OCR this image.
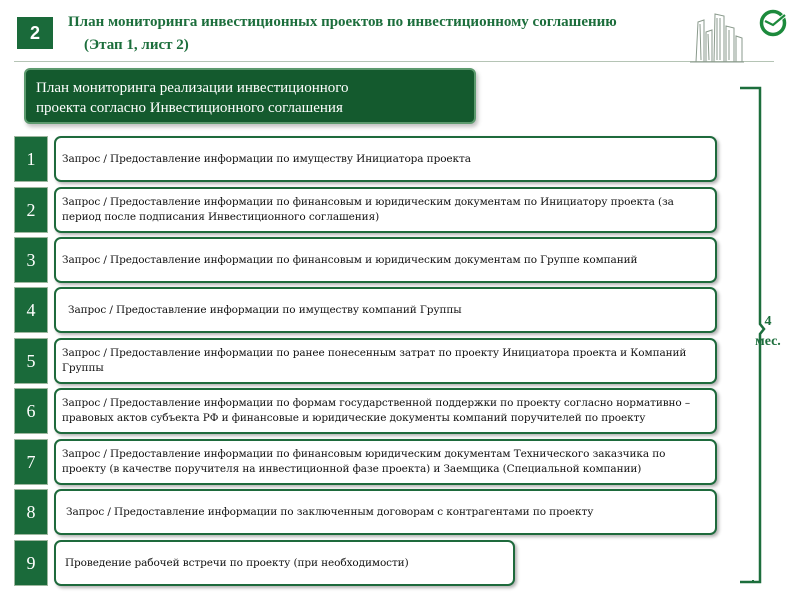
2
План мониторинга инвестиционных проектов по инвестиционному соглашению
(Этап 1, лист 2)
План мониторинга реализации инвестиционного
проекта согласно Инвестиционного соглашения
1	Запрос / Предоставление информации по имуществу Инициатора проекта
2	Запрос / Предоставление информации по финансовым и юридическим документам по Инициатору проекта (за период после подписания Инвестиционного соглашения)
3	Запрос / Предоставление информации по финансовым и юридическим документам по Группе компаний
4	Запрос / Предоставление информации по имуществу компаний Группы
5	Запрос / Предоставление информации по ранее понесенным затрат по проекту Инициатора проекта и Компаний Группы
6	Запрос / Предоставление информации по формам государственной поддержки по проекту согласно нормативно – правовых актов субъекта РФ и финансовые и юридические документы компаний поручителей по проекту
7	Запрос / Предоставление информации по финансовым юридическим документам Технического заказчика по проекту (в качестве поручителя на инвестиционной фазе проекта) и Заемщика (Специальной компании)
8	Запрос / Предоставление информации по заключенным договорам с контрагентами по проекту
9	Проведение рабочей встречи по проекту (при необходимости)
4
мес.
